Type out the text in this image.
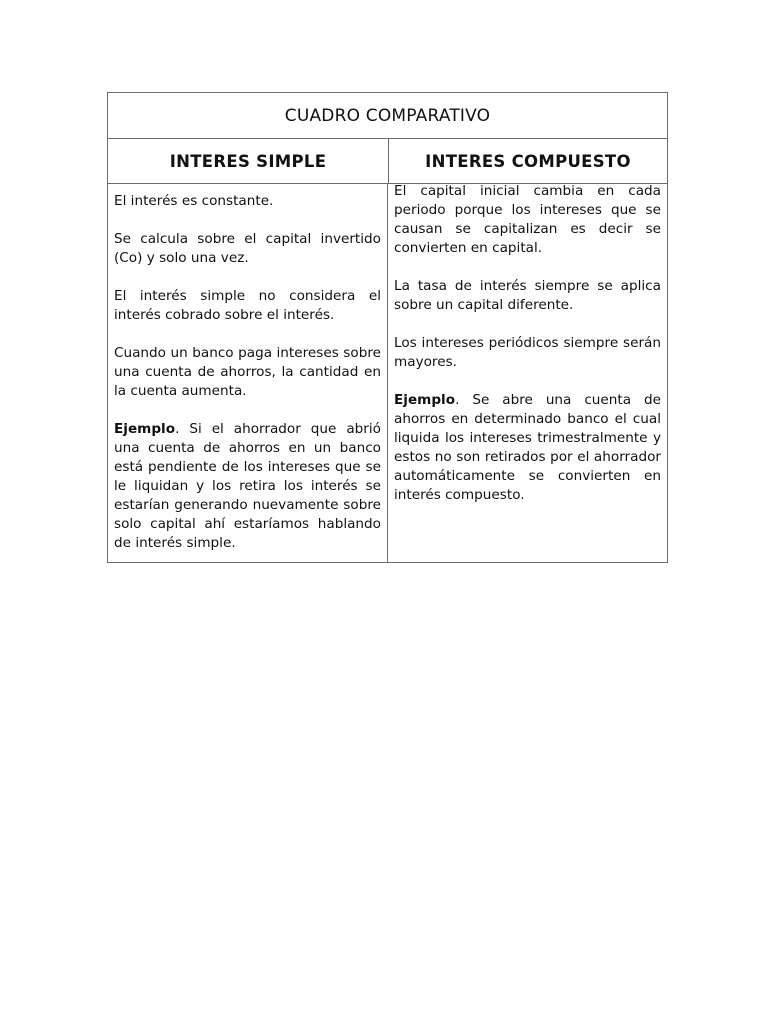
CUADRO COMPARATIVO
INTERES SIMPLE	INTERES COMPUESTO

El interés es constante.

Se calcula sobre el capital invertido (Co) y solo una vez.

El interés simple no considera el interés cobrado sobre el interés.

Cuando un banco paga intereses sobre una cuenta de ahorros, la cantidad en la cuenta aumenta.

Ejemplo. Si el ahorrador que abrió una cuenta de ahorros en un banco está pendiente de los intereses que se le liquidan y los retira los interés se estarían generando nuevamente sobre solo capital ahí estaríamos hablando de interés simple.

El capital inicial cambia en cada periodo porque los intereses que se causan se capitalizan es decir se convierten en capital.

La tasa de interés siempre se aplica sobre un capital diferente.

Los intereses periódicos siempre serán mayores.

Ejemplo. Se abre una cuenta de ahorros en determinado banco el cual liquida los intereses trimestralmente y estos no son retirados por el ahorrador automáticamente se convierten en interés compuesto.
